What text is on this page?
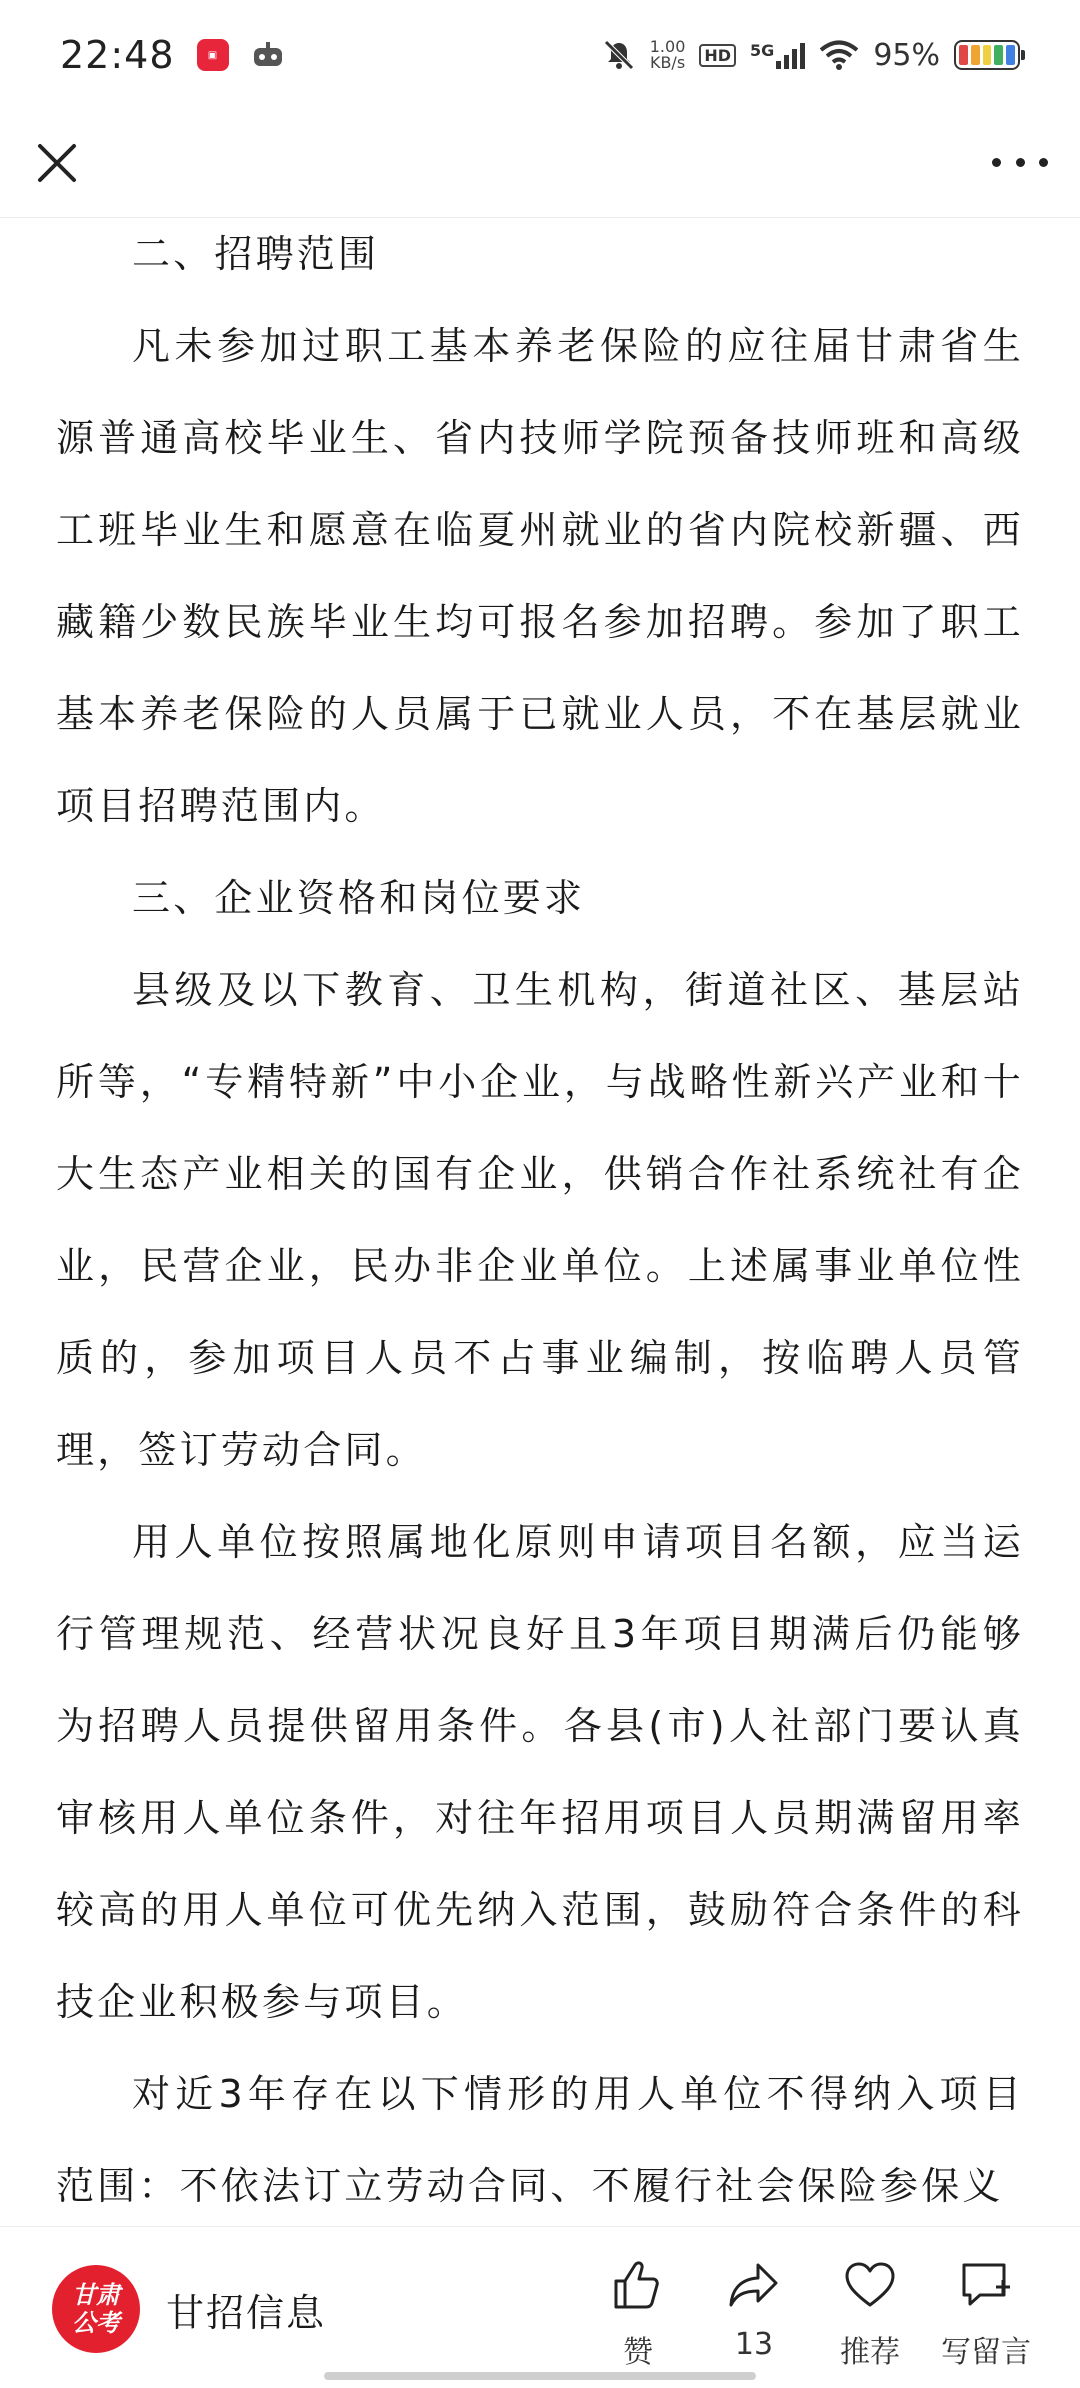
22:48	▣	1.00
KB/s	HD	5G	95%

二、招聘范围

凡未参加过职工基本养老保险的应往届甘肃省生源普通高校毕业生、省内技师学院预备技师班和高级工班毕业生和愿意在临夏州就业的省内院校新疆、西藏籍少数民族毕业生均可报名参加招聘。参加了职工基本养老保险的人员属于已就业人员，不在基层就业项目招聘范围内。

三、企业资格和岗位要求

县级及以下教育、卫生机构，街道社区、基层站所等，“专精特新”中小企业，与战略性新兴产业和十大生态产业相关的国有企业，供销合作社系统社有企业，民营企业，民办非企业单位。上述属事业单位性质的，参加项目人员不占事业编制，按临聘人员管理，签订劳动合同。

用人单位按照属地化原则申请项目名额，应当运行管理规范、经营状况良好且3年项目期满后仍能够为招聘人员提供留用条件。各县(市)人社部门要认真审核用人单位条件，对往年招用项目人员期满留用率较高的用人单位可优先纳入范围，鼓励符合条件的科技企业积极参与项目。

对近3年存在以下情形的用人单位不得纳入项目范围：不依法订立劳动合同、不履行社会保险参保义

甘肃
公考 甘招信息
赞	13 推荐 写留言
